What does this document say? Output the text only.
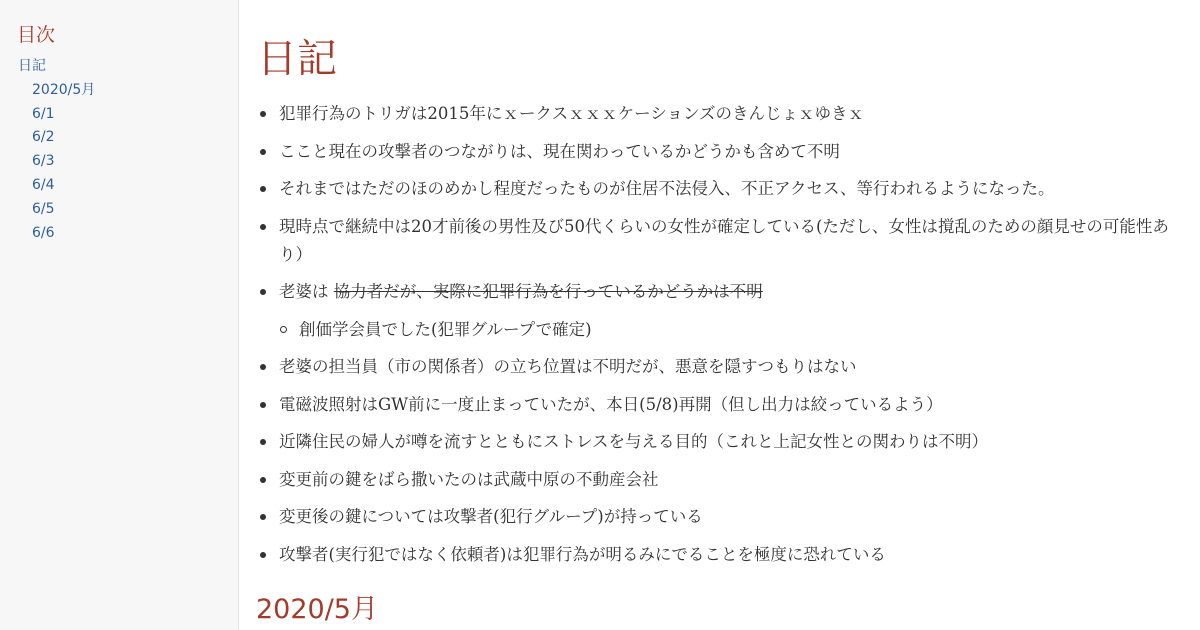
目次
日記
2020/5月
6/1
6/2
6/3
6/4
6/5
6/6
日記
犯罪行為のトリガは2015年にｘークスｘｘｘケーションズのきんじょｘゆきｘ
ここと現在の攻撃者のつながりは、現在関わっているかどうかも含めて不明
それまではただのほのめかし程度だったものが住居不法侵入、不正アクセス、等行われるようになった。
現時点で継続中は20才前後の男性及び50代くらいの女性が確定している(ただし、女性は撹乱のための顔見せの可能性あり）
老婆は 協力者だが、実際に犯罪行為を行っているかどうかは不明
創価学会員でした(犯罪グループで確定)
老婆の担当員（市の関係者）の立ち位置は不明だが、悪意を隠すつもりはない
電磁波照射はGW前に一度止まっていたが、本日(5/8)再開（但し出力は絞っているよう）
近隣住民の婦人が噂を流すとともにストレスを与える目的（これと上記女性との関わりは不明）
変更前の鍵をばら撒いたのは武蔵中原の不動産会社
変更後の鍵については攻撃者(犯行グループ)が持っている
攻撃者(実行犯ではなく依頼者)は犯罪行為が明るみにでることを極度に恐れている
2020/5月
